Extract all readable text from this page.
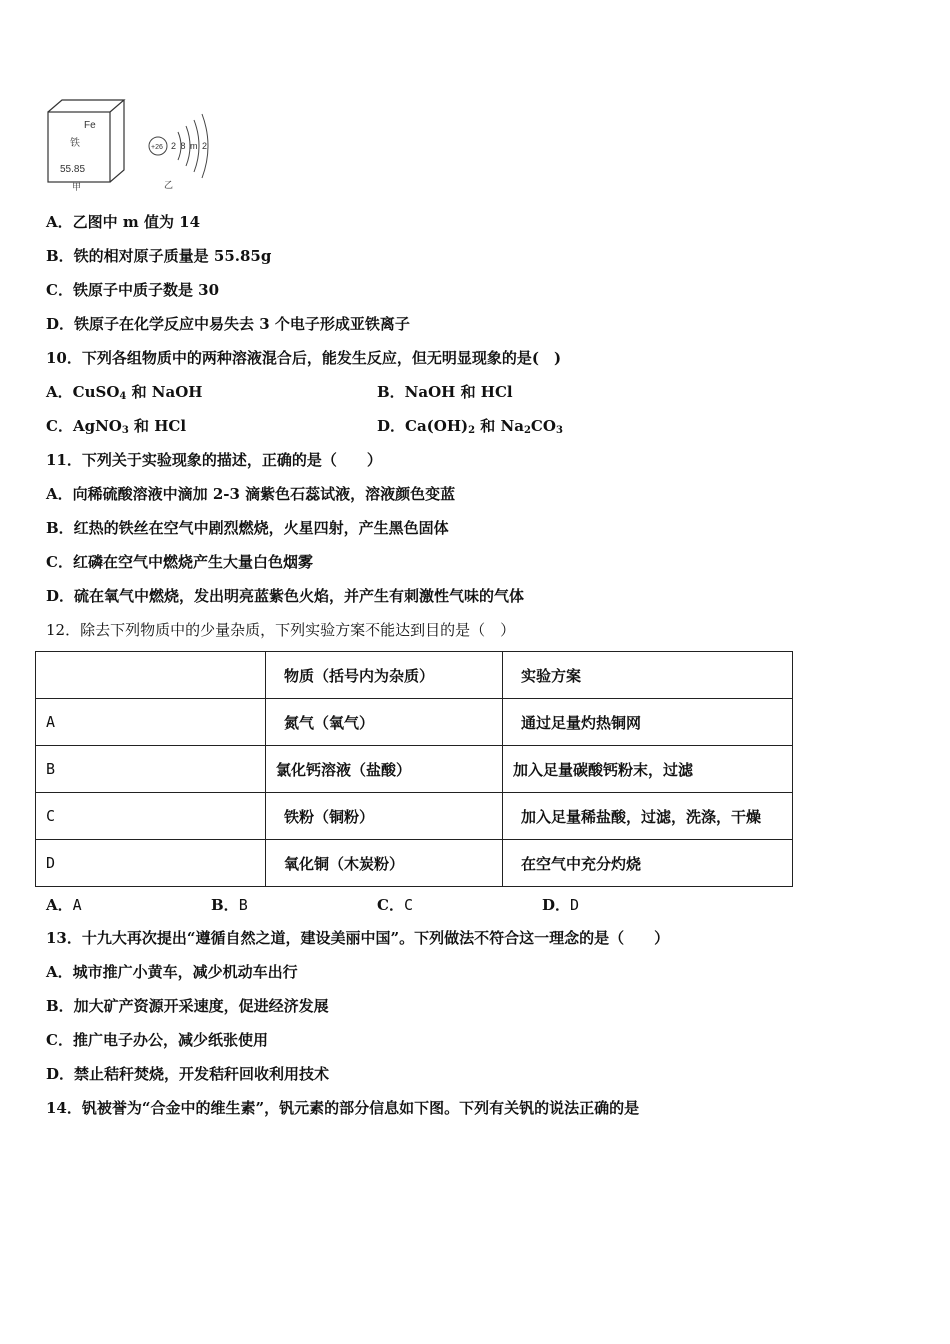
Fe
铁
55.85
甲
+26 2 8 m 2
乙
A．乙图中 m 值为 14
B．铁的相对原子质量是 55.85g
C．铁原子中质子数是 30
D．铁原子在化学反应中易失去 3 个电子形成亚铁离子
10．下列各组物质中的两种溶液混合后，能发生反应，但无明显现象的是(　)
A．CuSO$_4$ 和 NaOH	B．NaOH 和 HCl
C．AgNO$_3$ 和 HCl	D．$Ca(OH)_2$ 和 $Na_2CO_3$
11．下列关于实验现象的描述，正确的是（　　）
A．向稀硫酸溶液中滴加 2-3 滴紫色石蕊试液，溶液颜色变蓝
B．红热的铁丝在空气中剧烈燃烧，火星四射，产生黑色固体
C．红磷在空气中燃烧产生大量白色烟雾
D．硫在氧气中燃烧，发出明亮蓝紫色火焰，并产生有刺激性气味的气体
12．除去下列物质中的少量杂质，下列实验方案不能达到目的是（　）
	物质（括号内为杂质）	实验方案
A	氮气（氧气）	通过足量灼热铜网
B	氯化钙溶液（盐酸）	加入足量碳酸钙粉末，过滤
C	铁粉（铜粉）	加入足量稀盐酸，过滤，洗涤，干燥
D	氧化铜（木炭粉）	在空气中充分灼烧
A．A	B．B	C．C	D．D
13．十九大再次提出“遵循自然之道，建设美丽中国”。下列做法不符合这一理念的是（　　）
A．城市推广小黄车，减少机动车出行
B．加大矿产资源开采速度，促进经济发展
C．推广电子办公，减少纸张使用
D．禁止秸秆焚烧，开发秸秆回收利用技术
14．钒被誉为“合金中的维生素”，钒元素的部分信息如下图。下列有关钒的说法正确的是
